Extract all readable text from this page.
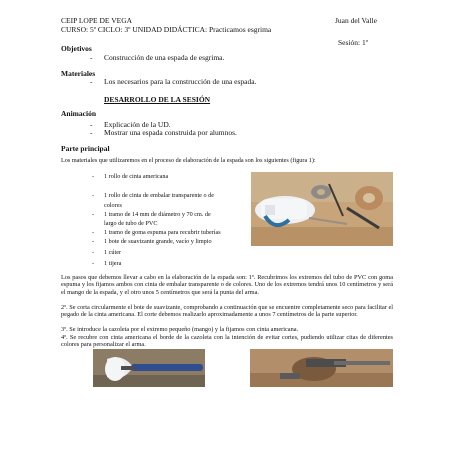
CEIP LOPE DE VEGA	Juan del Valle
CURSO: 5º CICLO: 3º UNIDAD DIDÁCTICA: Practicamos esgrima
Sesión: 1º
Objetivos
- Construcción de una espada de esgrima.
Materiales
- Los necesarios para la construcción de una espada.
DESARROLLO DE LA SESIÓN
Animación
- Explicación de la UD.
- Mostrar una espada construida por alumnos.
Parte principal
Los materiales que utilizaremos en el proceso de elaboración de la espada son los siguientes (figura 1):
- 1 rollo de cinta americana
- 1 rollo de cinta de embalar transparente o de
colores
- 1 tramo de 14 mm de diámetro y 70 cm. de
largo de tubo de PVC
- 1 tramo de goma espuma para recubrir tuberías
- 1 bote de suavizante grande, vacío y limpio
- 1 cúter
- 1 tijera
Los pasos que debemos llevar a cabo en la elaboración de la espada son: 1º. Recubrimos los extremos del tubo de PVC con goma espuma y los fijamos ambos con cinta de embalar transparente o de colores. Uno de los extremos tendrá unos 10 centímetros y será el mango de la espada, y el otro unos 5 centímetros que será la punta del arma.
2º. Se corta circularmente el bote de suavizante, comprobando a continuación que se encuentre completamente seco para facilitar el pegado de la cinta americana. El corte debemos realizarlo aproximadamente a unos 7 centímetros de la parte superior.
3º. Se introduce la cazoleta por el extremo pequeño (mango) y la fijamos con cinta americana.
4º. Se recubre con cinta americana el borde de la cazoleta con la intención de evitar cortes, pudiendo utilizar citas de diferentes colores para personalizar el arma.
